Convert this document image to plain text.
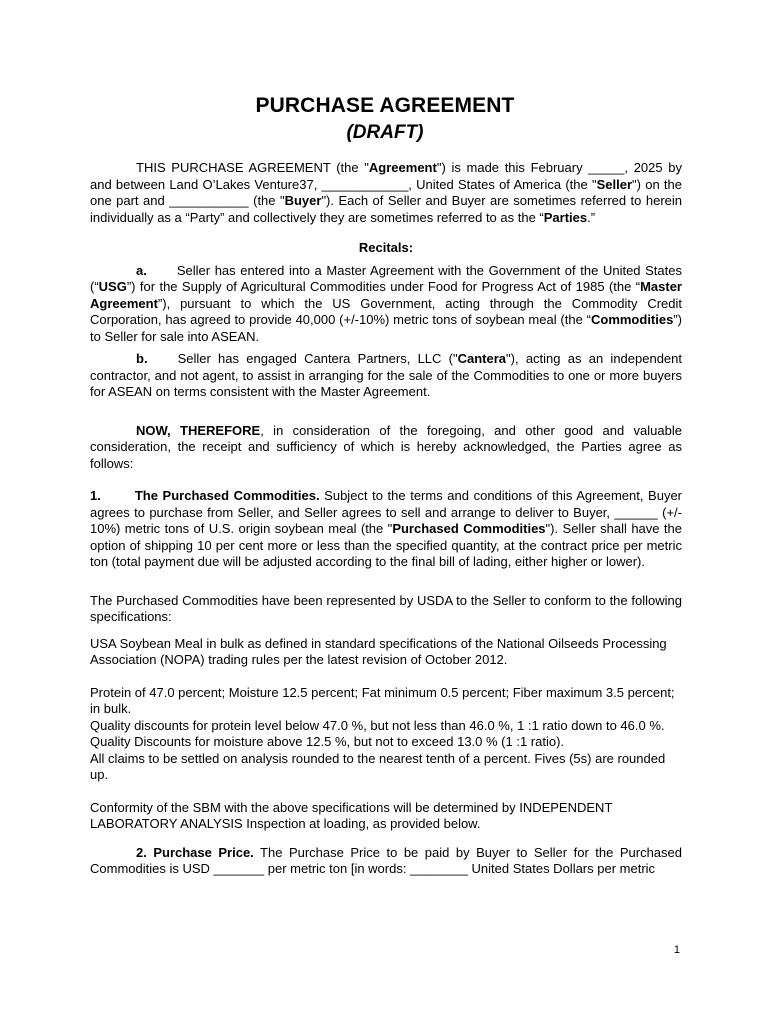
PURCHASE AGREEMENT
(DRAFT)

THIS PURCHASE AGREEMENT (the "Agreement") is made this February _____, 2025 by and between Land O’Lakes Venture37, ____________, United States of America (the "Seller") on the one part and ___________ (the "Buyer"). Each of Seller and Buyer are sometimes referred to herein individually as a “Party” and collectively they are sometimes referred to as the “Parties.”

Recitals:

a. Seller has entered into a Master Agreement with the Government of the United States (“USG”) for the Supply of Agricultural Commodities under Food for Progress Act of 1985 (the “Master Agreement”), pursuant to which the US Government, acting through the Commodity Credit Corporation, has agreed to provide 40,000 (+/-10%) metric tons of soybean meal (the “Commodities”) to Seller for sale into ASEAN.

b. Seller has engaged Cantera Partners, LLC ("Cantera"), acting as an independent contractor, and not agent, to assist in arranging for the sale of the Commodities to one or more buyers for ASEAN on terms consistent with the Master Agreement.

NOW, THEREFORE, in consideration of the foregoing, and other good and valuable consideration, the receipt and sufficiency of which is hereby acknowledged, the Parties agree as follows:

1.	The Purchased Commodities. Subject to the terms and conditions of this Agreement, Buyer agrees to purchase from Seller, and Seller agrees to sell and arrange to deliver to Buyer, ______ (+/- 10%) metric tons of U.S. origin soybean meal (the "Purchased Commodities"). Seller shall have the option of shipping 10 per cent more or less than the specified quantity, at the contract price per metric ton (total payment due will be adjusted according to the final bill of lading, either higher or lower).

The Purchased Commodities have been represented by USDA to the Seller to conform to the following specifications:

USA Soybean Meal in bulk as defined in standard specifications of the National Oilseeds Processing Association (NOPA) trading rules per the latest revision of October 2012.

Protein of 47.0 percent; Moisture 12.5 percent; Fat minimum 0.5 percent; Fiber maximum 3.5 percent; in bulk.

Quality discounts for protein level below 47.0 %, but not less than 46.0 %, 1 :1 ratio down to 46.0 %.

Quality Discounts for moisture above 12.5 %, but not to exceed 13.0 % (1 :1 ratio).

All claims to be settled on analysis rounded to the nearest tenth of a percent. Fives (5s) are rounded up.

Conformity of the SBM with the above specifications will be determined by INDEPENDENT LABORATORY ANALYSIS Inspection at loading, as provided below.

2. Purchase Price. The Purchase Price to be paid by Buyer to Seller for the Purchased Commodities is USD _______ per metric ton [in words: ________ United States Dollars per metric

1
